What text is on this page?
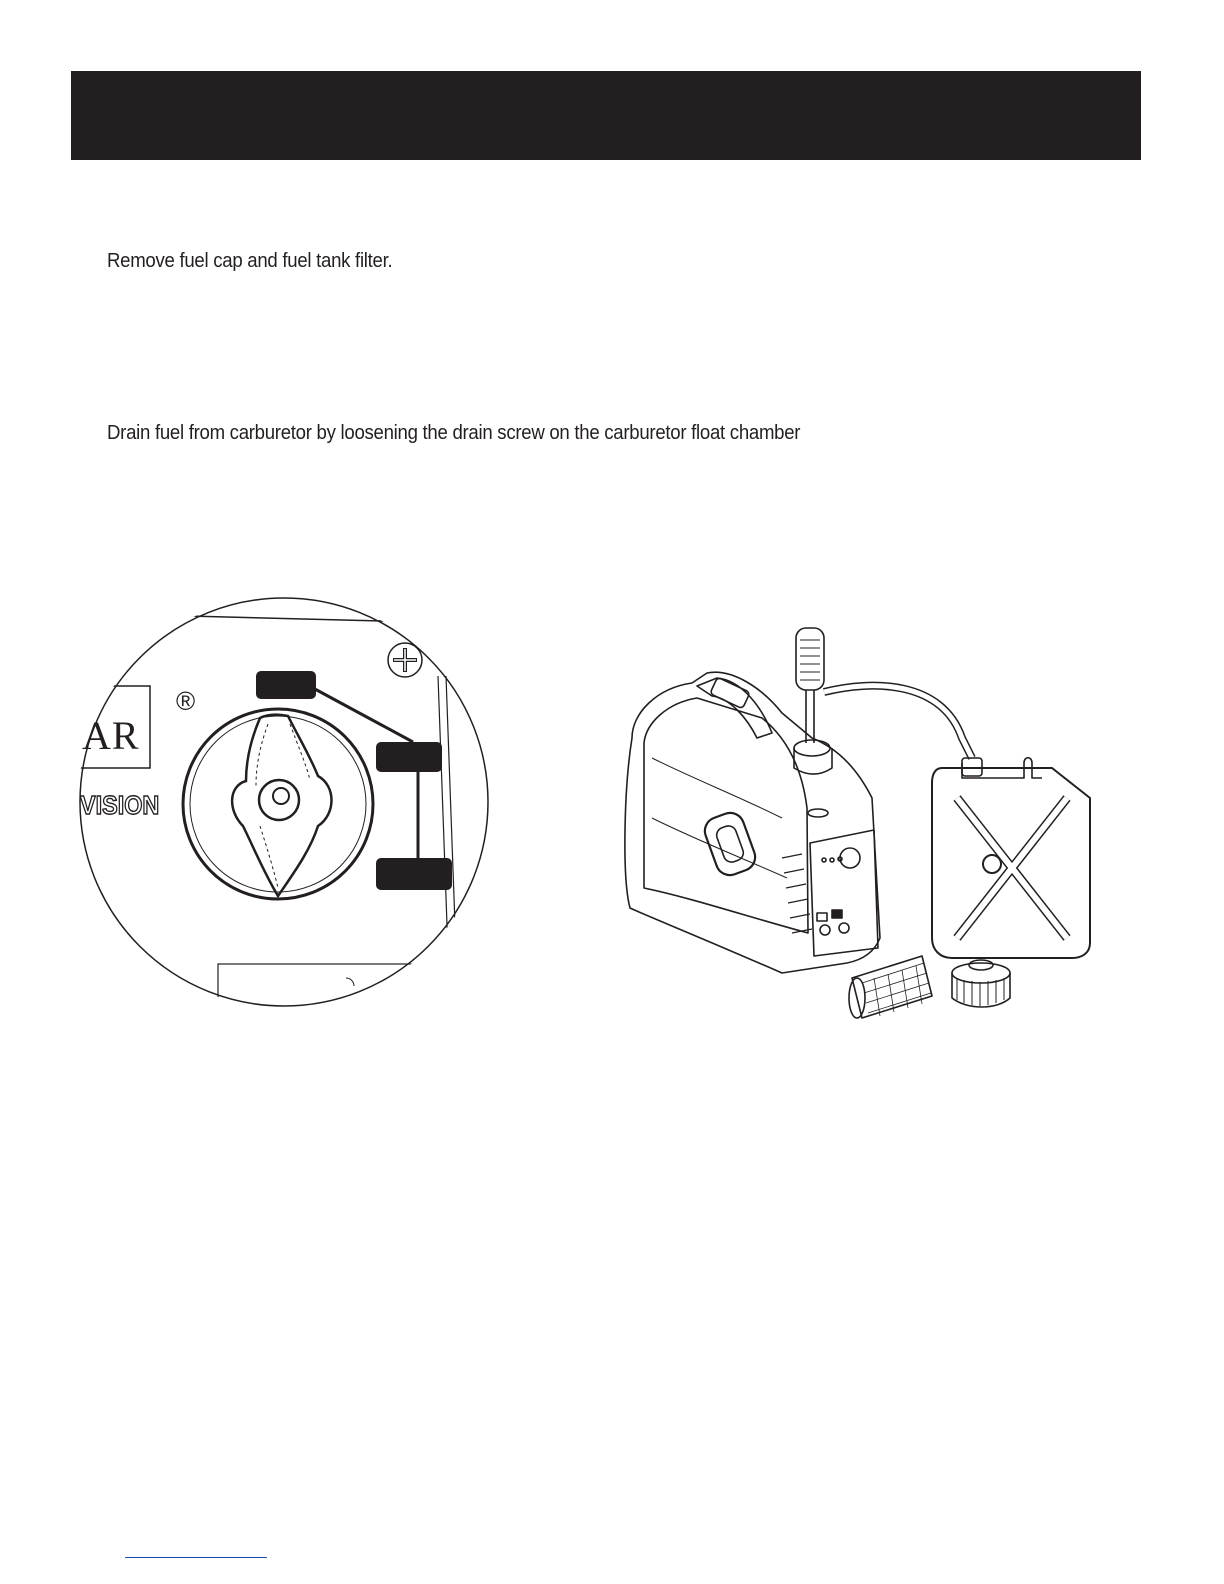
Remove fuel cap and fuel tank filter.
Drain fuel from carburetor by loosening the drain screw on the carburetor float chamber
AR
VISION
®
